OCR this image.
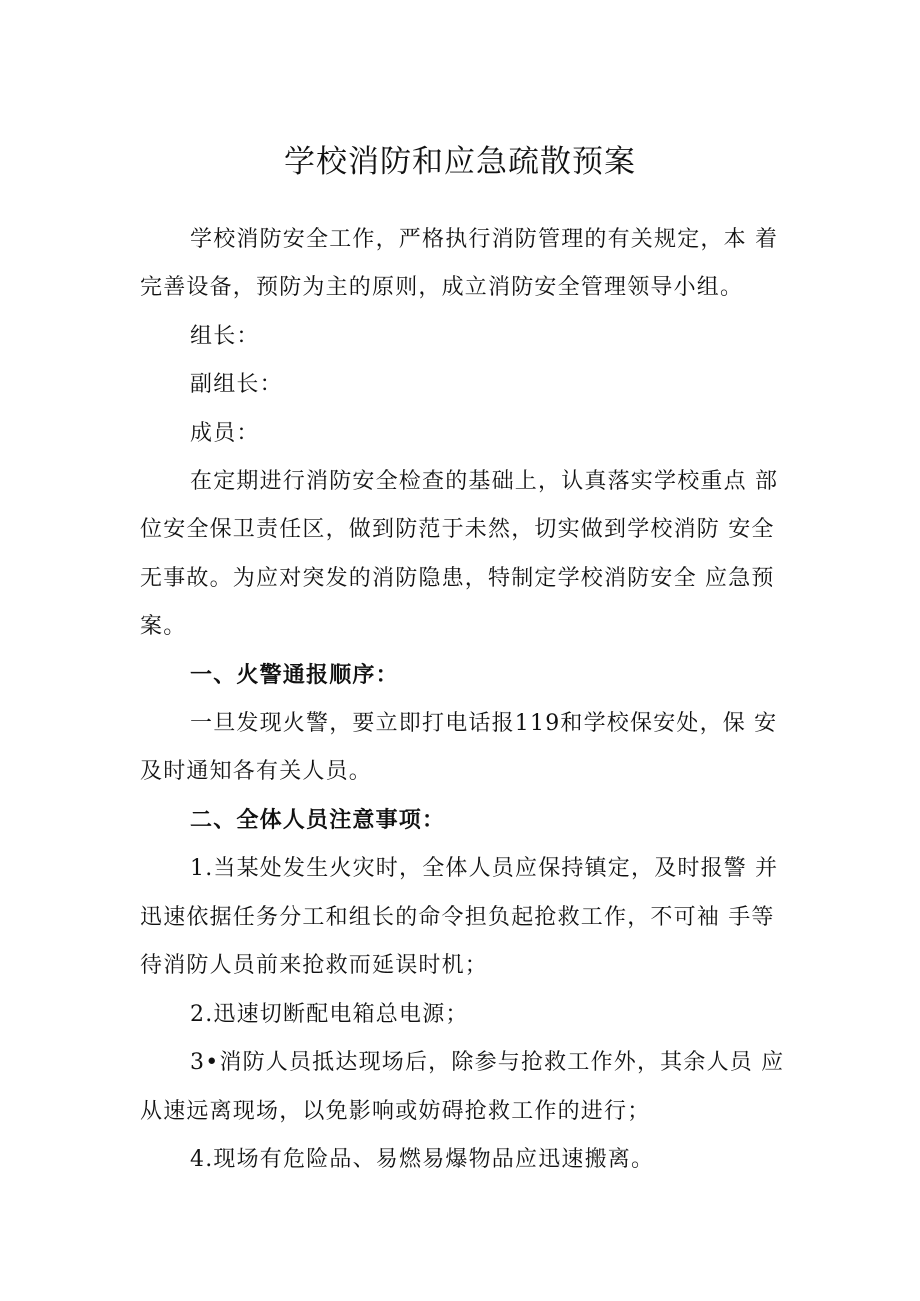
学校消防和应急疏散预案
学校消防安全工作，严格执行消防管理的有关规定，本 着
完善设备，预防为主的原则，成立消防安全管理领导小组。
组长：
副组长：
成员：
在定期进行消防安全检查的基础上，认真落实学校重点 部
位安全保卫责任区，做到防范于未然，切实做到学校消防 安全
无事故。为应对突发的消防隐患，特制定学校消防安全 应急预
案。
一、火警通报顺序：
一旦发现火警，要立即打电话报119和学校保安处，保 安
及时通知各有关人员。
二、全体人员注意事项：
1.当某处发生火灾时，全体人员应保持镇定，及时报警 并
迅速依据任务分工和组长的命令担负起抢救工作，不可袖 手等
待消防人员前来抢救而延误时机；
2.迅速切断配电箱总电源；
3•消防人员抵达现场后，除参与抢救工作外，其余人员 应
从速远离现场，以免影响或妨碍抢救工作的进行；
4.现场有危险品、易燃易爆物品应迅速搬离。
